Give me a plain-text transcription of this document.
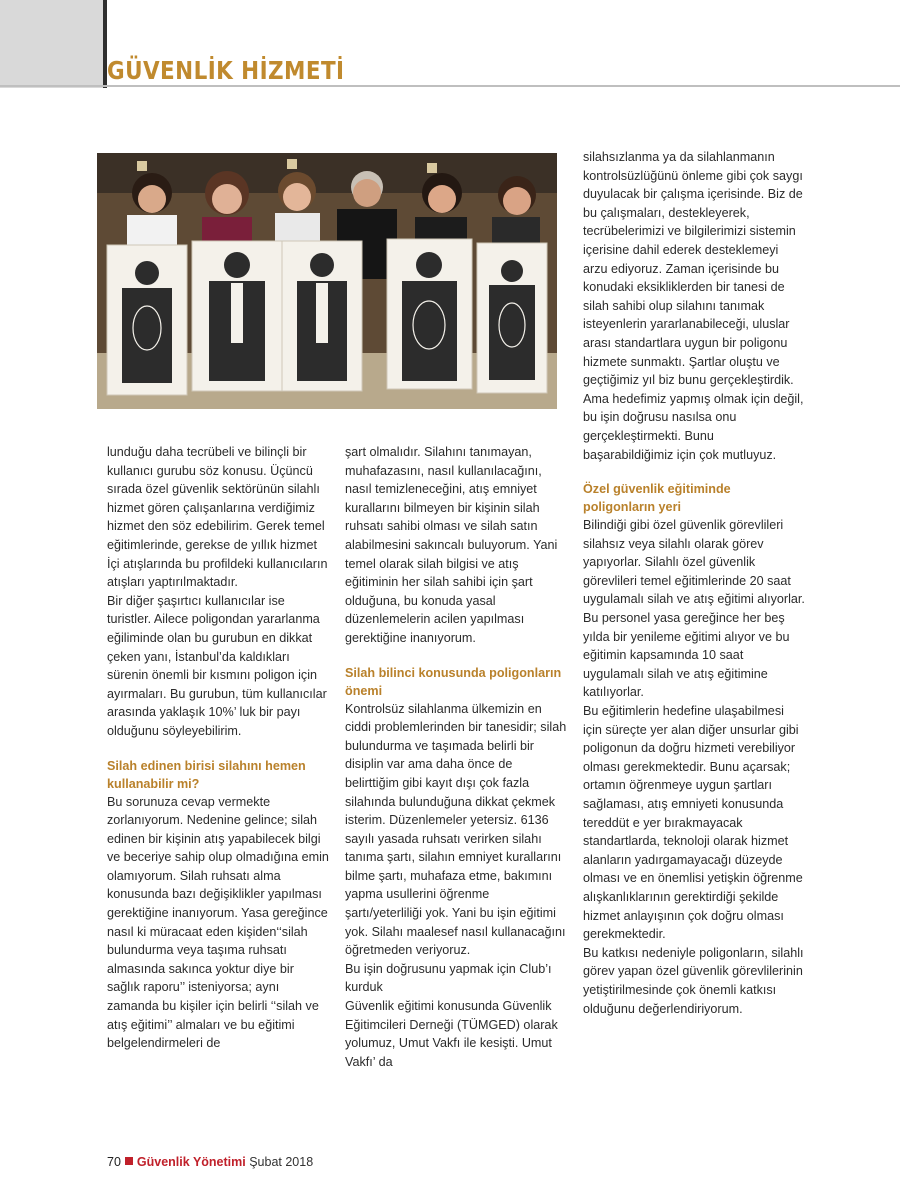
GÜVENLİK HİZMETİ

lunduğu daha tecrübeli ve bilinçli bir kullanıcı gurubu söz konusu. Üçüncü sırada özel güvenlik sektörünün silahlı hizmet gören çalışanlarına verdiğimiz hizmet den söz edebilirim. Gerek temel eğitimlerinde, gerekse de yıllık hizmet İçi atışlarında bu profildeki kullanıcıların atışları yaptırılmaktadır.

Bir diğer şaşırtıcı kullanıcılar ise turistler. Ailece poligondan yararlanma eğiliminde olan bu gurubun en dikkat çeken yanı, İstanbul’da kaldıkları sürenin önemli bir kısmını poligon için ayırmaları. Bu gurubun, tüm kullanıcılar arasında yaklaşık 10%’ luk bir payı olduğunu söyleyebilirim.

Silah edinen birisi silahını hemen kullanabilir mi?

Bu sorunuza cevap vermekte zorlanıyorum. Nedenine gelince; silah edinen bir kişinin atış yapabilecek bilgi ve beceriye sahip olup olmadığına emin olamıyorum. Silah ruhsatı alma konusunda bazı değişiklikler yapılması gerektiğine inanıyorum. Yasa gereğince nasıl ki müracaat eden kişiden‘‘silah bulundurma veya taşıma ruhsatı almasında sakınca yoktur diye bir sağlık raporu’’ isteniyorsa; aynı zamanda bu kişiler için belirli ‘‘silah ve atış eğitimi’’ almaları ve bu eğitimi belgelendirmeleri de

şart olmalıdır. Silahını tanımayan, muhafazasını, nasıl kullanılacağını, nasıl temizleneceğini, atış emniyet kurallarını bilmeyen bir kişinin silah ruhsatı sahibi olması ve silah satın alabilmesini sakıncalı buluyorum. Yani temel olarak silah bilgisi ve atış eğitiminin her silah sahibi için şart olduğuna, bu konuda yasal düzenlemelerin acilen yapılması gerektiğine inanıyorum.

Silah bilinci konusunda poligonların önemi

Kontrolsüz silahlanma ülkemizin en ciddi problemlerinden bir tanesidir; silah bulundurma ve taşımada belirli bir disiplin var ama daha önce de belirttiğim gibi kayıt dışı çok fazla silahında bulunduğuna dikkat çekmek isterim. Düzenlemeler yetersiz. 6136 sayılı yasada ruhsatı verirken silahı tanıma şartı, silahın emniyet kurallarını bilme şartı, muhafaza etme, bakımını yapma usullerini öğrenme şartı/yeterliliği yok. Yani bu işin eğitimi yok. Silahı maalesef nasıl kullanacağını öğretmeden veriyoruz.

Bu işin doğrusunu yapmak için Club’ı kurduk

Güvenlik eğitimi konusunda Güvenlik Eğitimcileri Derneği (TÜMGED) olarak yolumuz, Umut Vakfı ile kesişti. Umut Vakfı’ da

silahsızlanma ya da silahlanmanın kontrolsüzlüğünü önleme gibi çok saygı duyulacak bir çalışma içerisinde. Biz de bu çalışmaları, destekleyerek, tecrübelerimizi ve bilgilerimizi sistemin içerisine dahil ederek desteklemeyi arzu ediyoruz. Zaman içerisinde bu konudaki eksikliklerden bir tanesi de silah sahibi olup silahını tanımak isteyenlerin yararlanabileceği, uluslar arası standartlara uygun bir poligonu hizmete sunmaktı. Şartlar oluştu ve geçtiğimiz yıl biz bunu gerçekleştirdik. Ama hedefimiz yapmış olmak için değil, bu işin doğrusu nasılsa onu gerçekleştirmekti. Bunu başarabildiğimiz için çok mutluyuz.

Özel güvenlik eğitiminde poligonların yeri

Bilindiği gibi özel güvenlik görevlileri silahsız veya silahlı olarak görev yapıyorlar. Silahlı özel güvenlik görevlileri temel eğitimlerinde 20 saat uygulamalı silah ve atış eğitimi alıyorlar. Bu personel yasa gereğince her beş yılda bir yenileme eğitimi alıyor ve bu eğitimin kapsamında 10 saat uygulamalı silah ve atış eğitimine katılıyorlar.

Bu eğitimlerin hedefine ulaşabilmesi için süreçte yer alan diğer unsurlar gibi poligonun da doğru hizmeti verebiliyor olması gerekmektedir. Bunu açarsak; ortamın öğrenmeye uygun şartları sağlaması, atış emniyeti konusunda tereddüt e yer bırakmayacak standartlarda, teknoloji olarak hizmet alanların yadırgamayacağı düzeyde olması ve en önemlisi yetişkin öğrenme alışkanlıklarının gerektirdiği şekilde hizmet anlayışının çok doğru olması gerekmektedir.

Bu katkısı nedeniyle poligonların, silahlı görev yapan özel güvenlik görevlilerinin yetiştirilmesinde çok önemli katkısı olduğunu değerlendiriyorum.

70 Güvenlik Yönetimi Şubat 2018
